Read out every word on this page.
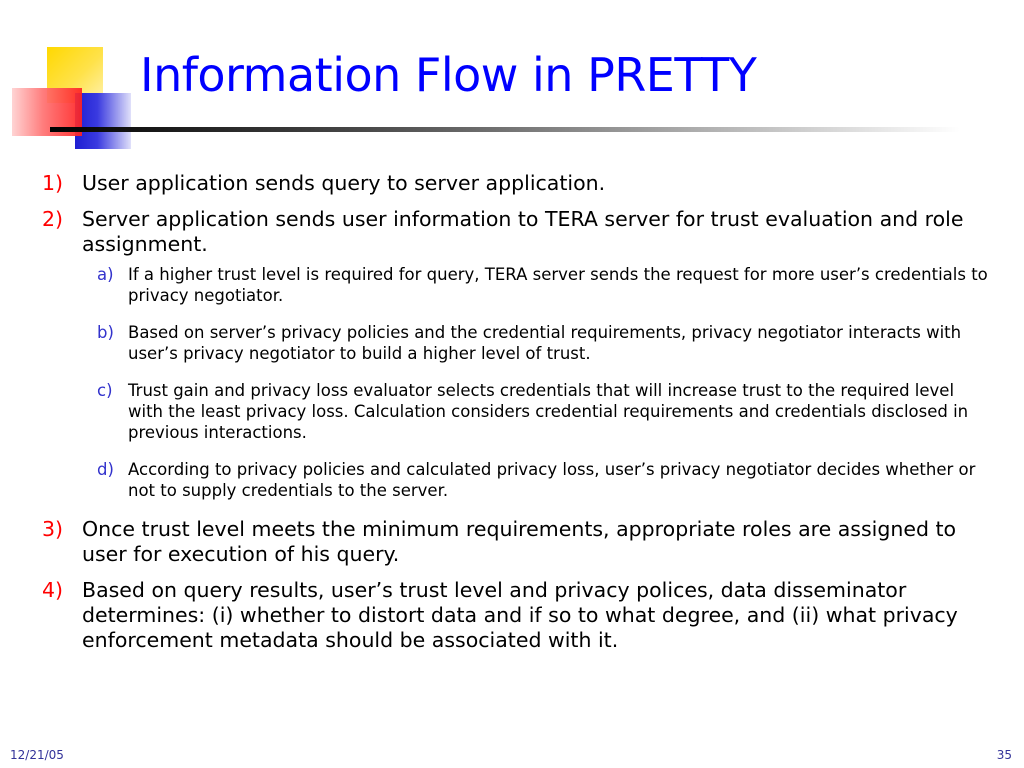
Information Flow in PRETTY
1) User application sends query to server application.
2) Server application sends user information to TERA server for trust evaluation and role assignment.
a) If a higher trust level is required for query, TERA server sends the request for more user’s credentials to privacy negotiator.
b) Based on server’s privacy policies and the credential requirements, privacy negotiator interacts with user’s privacy negotiator to build a higher level of trust.
c) Trust gain and privacy loss evaluator selects credentials that will increase trust to the required level with the least privacy loss. Calculation considers credential requirements and credentials disclosed in previous interactions.
d) According to privacy policies and calculated privacy loss, user’s privacy negotiator decides whether or not to supply credentials to the server.
3) Once trust level meets the minimum requirements, appropriate roles are assigned to user for execution of his query.
4) Based on query results, user’s trust level and privacy polices, data disseminator determines: (i) whether to distort data and if so to what degree, and (ii) what privacy enforcement metadata should be associated with it.
12/21/05	35
